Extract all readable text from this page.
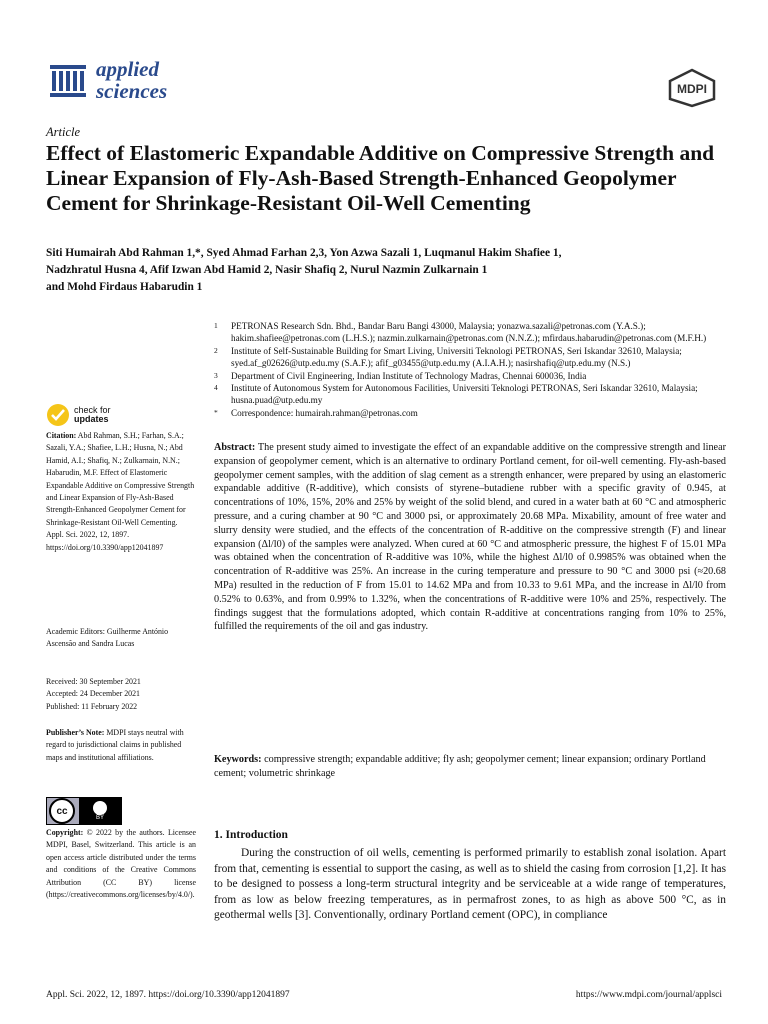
applied
sciences	MDPI
Article
Effect of Elastomeric Expandable Additive on Compressive Strength and Linear Expansion of Fly-Ash-Based Strength-Enhanced Geopolymer Cement for Shrinkage-Resistant Oil-Well Cementing
Siti Humairah Abd Rahman 1,*, Syed Ahmad Farhan 2,3, Yon Azwa Sazali 1, Luqmanul Hakim Shafiee 1,
Nadzhratul Husna 4, Afif Izwan Abd Hamid 2, Nasir Shafiq 2, Nurul Nazmin Zulkarnain 1
and Mohd Firdaus Habarudin 1
1	PETRONAS Research Sdn. Bhd., Bandar Baru Bangi 43000, Malaysia; yonazwa.sazali@petronas.com (Y.A.S.); hakim.shafiee@petronas.com (L.H.S.); nazmin.zulkarnain@petronas.com (N.N.Z.); mfirdaus.habarudin@petronas.com (M.F.H.)
2	Institute of Self-Sustainable Building for Smart Living, Universiti Teknologi PETRONAS, Seri Iskandar 32610, Malaysia; syed.af_g02626@utp.edu.my (S.A.F.); afif_g03455@utp.edu.my (A.I.A.H.); nasirshafiq@utp.edu.my (N.S.)
3	Department of Civil Engineering, Indian Institute of Technology Madras, Chennai 600036, India
4	Institute of Autonomous System for Autonomous Facilities, Universiti Teknologi PETRONAS, Seri Iskandar 32610, Malaysia; husna.puad@utp.edu.my
*	Correspondence: humairah.rahman@petronas.com
check for
updates
Citation: Abd Rahman, S.H.; Farhan, S.A.; Sazali, Y.A.; Shafiee, L.H.; Husna, N.; Abd Hamid, A.I.; Shafiq, N.; Zulkarnain, N.N.; Habarudin, M.F. Effect of Elastomeric Expandable Additive on Compressive Strength and Linear Expansion of Fly-Ash-Based Strength-Enhanced Geopolymer Cement for Shrinkage-Resistant Oil-Well Cementing. Appl. Sci. 2022, 12, 1897. https://doi.org/10.3390/app12041897
Academic Editors: Guilherme António Ascensão and Sandra Lucas
Received: 30 September 2021
Accepted: 24 December 2021
Published: 11 February 2022
Publisher’s Note: MDPI stays neutral with regard to jurisdictional claims in published maps and institutional affiliations.
cc
BY
Copyright: © 2022 by the authors. Licensee MDPI, Basel, Switzerland. This article is an open access article distributed under the terms and conditions of the Creative Commons Attribution (CC BY) license (https://creativecommons.org/licenses/by/4.0/).
Abstract: The present study aimed to investigate the effect of an expandable additive on the compressive strength and linear expansion of geopolymer cement, which is an alternative to ordinary Portland cement, for oil-well cementing. Fly-ash-based geopolymer cement samples, with the addition of slag cement as a strength enhancer, were prepared by using an elastomeric expandable additive (R-additive), which consists of styrene–butadiene rubber with a specific gravity of 0.945, at concentrations of 10%, 15%, 20% and 25% by weight of the solid blend, and cured in a water bath at 60 °C and atmospheric pressure, and a curing chamber at 90 °C and 3000 psi, or approximately 20.68 MPa. Mixability, amount of free water and slurry density were studied, and the effects of the concentration of R-additive on the compressive strength (F) and linear expansion (Δl/l0) of the samples were analyzed. When cured at 60 °C and atmospheric pressure, the highest F of 15.01 MPa was obtained when the concentration of R-additive was 10%, while the highest Δl/l0 of 0.9985% was obtained when the concentration of R-additive was 25%. An increase in the curing temperature and pressure to 90 °C and 3000 psi (≈20.68 MPa) resulted in the reduction of F from 15.01 to 14.62 MPa and from 10.33 to 9.61 MPa, and the increase in Δl/l0 from 0.52% to 0.63%, and from 0.99% to 1.32%, when the concentrations of R-additive were 10% and 25%, respectively. The findings suggest that the formulations adopted, which contain R-additive at concentrations ranging from 10% to 25%, fulfilled the requirements of the oil and gas industry.
Keywords: compressive strength; expandable additive; fly ash; geopolymer cement; linear expansion; ordinary Portland cement; volumetric shrinkage
1. Introduction
During the construction of oil wells, cementing is performed primarily to establish zonal isolation. Apart from that, cementing is essential to support the casing, as well as to shield the casing from corrosion [1,2]. It has to be designed to possess a long-term structural integrity and be serviceable at a wide range of temperatures, from as low as below freezing temperatures, as in permafrost zones, to as high as above 500 °C, as in geothermal wells [3]. Conventionally, ordinary Portland cement (OPC), in compliance
Appl. Sci. 2022, 12, 1897. https://doi.org/10.3390/app12041897	https://www.mdpi.com/journal/applsci
